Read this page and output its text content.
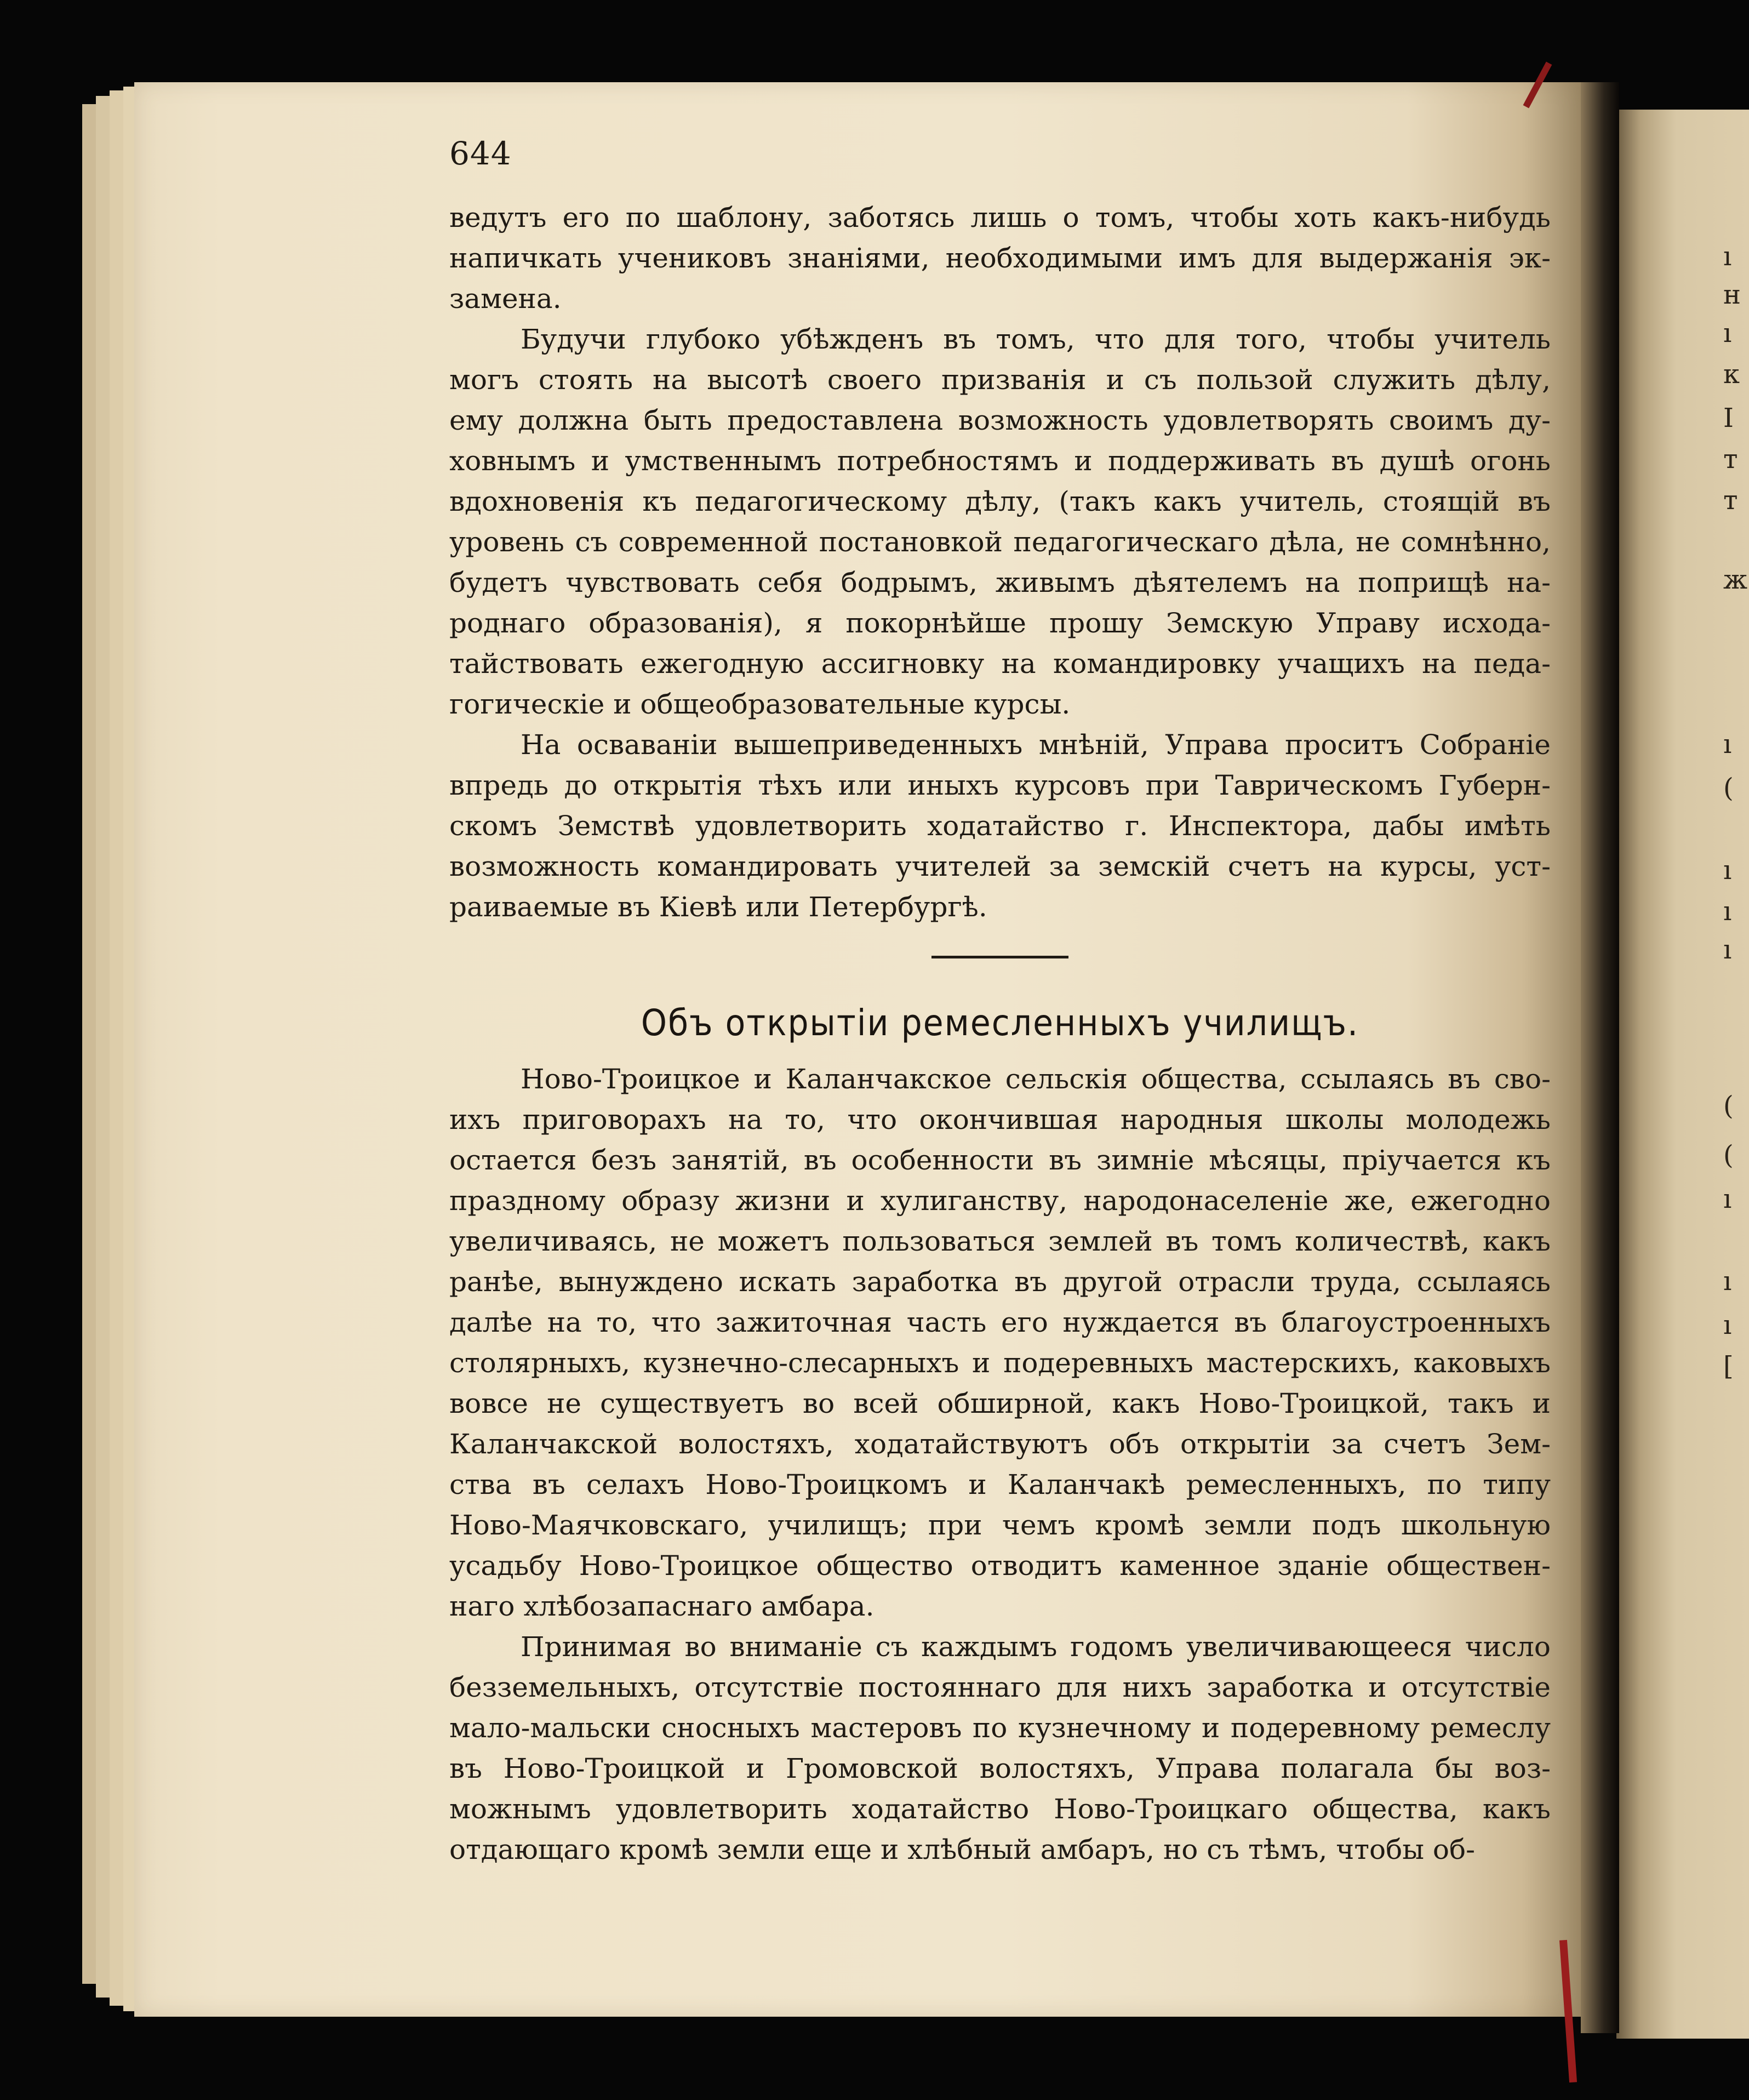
ı
н
ı
к
I
т
т
ж
ı
(
ı
ı
ı
(
(
ı
ı
ı
[
644
ведутъ его по шаблону, заботясь лишь о томъ, чтобы хоть какъ-нибудь
напичкать учениковъ знаніями, необходимыми имъ для выдержанія эк-
замена.
Будучи глубоко убѣжденъ въ томъ, что для того, чтобы учитель
могъ стоять на высотѣ своего призванія и съ пользой служить дѣлу,
ему должна быть предоставлена возможность удовлетворять своимъ ду-
ховнымъ и умственнымъ потребностямъ и поддерживать въ душѣ огонь
вдохновенія къ педагогическому дѣлу, (такъ какъ учитель, стоящій въ
уровень съ современной постановкой педагогическаго дѣла, не сомнѣнно,
будетъ чувствовать себя бодрымъ, живымъ дѣятелемъ на поприщѣ на-
роднаго образованія), я покорнѣйше прошу Земскую Управу исхода-
тайствовать ежегодную ассигновку на командировку учащихъ на педа-
гогическіе и общеобразовательные курсы.
На осваваніи вышеприведенныхъ мнѣній, Управа проситъ Собраніе
впредь до открытія тѣхъ или иныхъ курсовъ при Таврическомъ Губерн-
скомъ Земствѣ удовлетворить ходатайство г. Инспектора, дабы имѣть
возможность командировать учителей за земскій счетъ на курсы, уст-
раиваемые въ Кіевѣ или Петербургѣ.
Объ открытіи ремесленныхъ училищъ.
Ново-Троицкое и Каланчакское сельскія общества, ссылаясь въ сво-
ихъ приговорахъ на то, что окончившая народныя школы молодежь
остается безъ занятій, въ особенности въ зимніе мѣсяцы, пріучается къ
праздному образу жизни и хулиганству, народонаселеніе же, ежегодно
увеличиваясь, не можетъ пользоваться землей въ томъ количествѣ, какъ
ранѣе, вынуждено искать заработка въ другой отрасли труда, ссылаясь
далѣе на то, что зажиточная часть его нуждается въ благоустроенныхъ
столярныхъ, кузнечно-слесарныхъ и подеревныхъ мастерскихъ, каковыхъ
вовсе не существуетъ во всей обширной, какъ Ново-Троицкой, такъ и
Каланчакской волостяхъ, ходатайствуютъ объ открытіи за счетъ Зем-
ства въ селахъ Ново-Троицкомъ и Каланчакѣ ремесленныхъ, по типу
Ново-Маячковскаго, училищъ; при чемъ кромѣ земли подъ школьную
усадьбу Ново-Троицкое общество отводитъ каменное зданіе обществен-
наго хлѣбозапаснаго амбара.
Принимая во вниманіе съ каждымъ годомъ увеличивающееся число
безземельныхъ, отсутствіе постояннаго для нихъ заработка и отсутствіе
мало-мальски сносныхъ мастеровъ по кузнечному и подеревному ремеслу
въ Ново-Троицкой и Громовской волостяхъ, Управа полагала бы воз-
можнымъ удовлетворить ходатайство Ново-Троицкаго общества, какъ
отдающаго кромѣ земли еще и хлѣбный амбаръ, но съ тѣмъ, чтобы об-
